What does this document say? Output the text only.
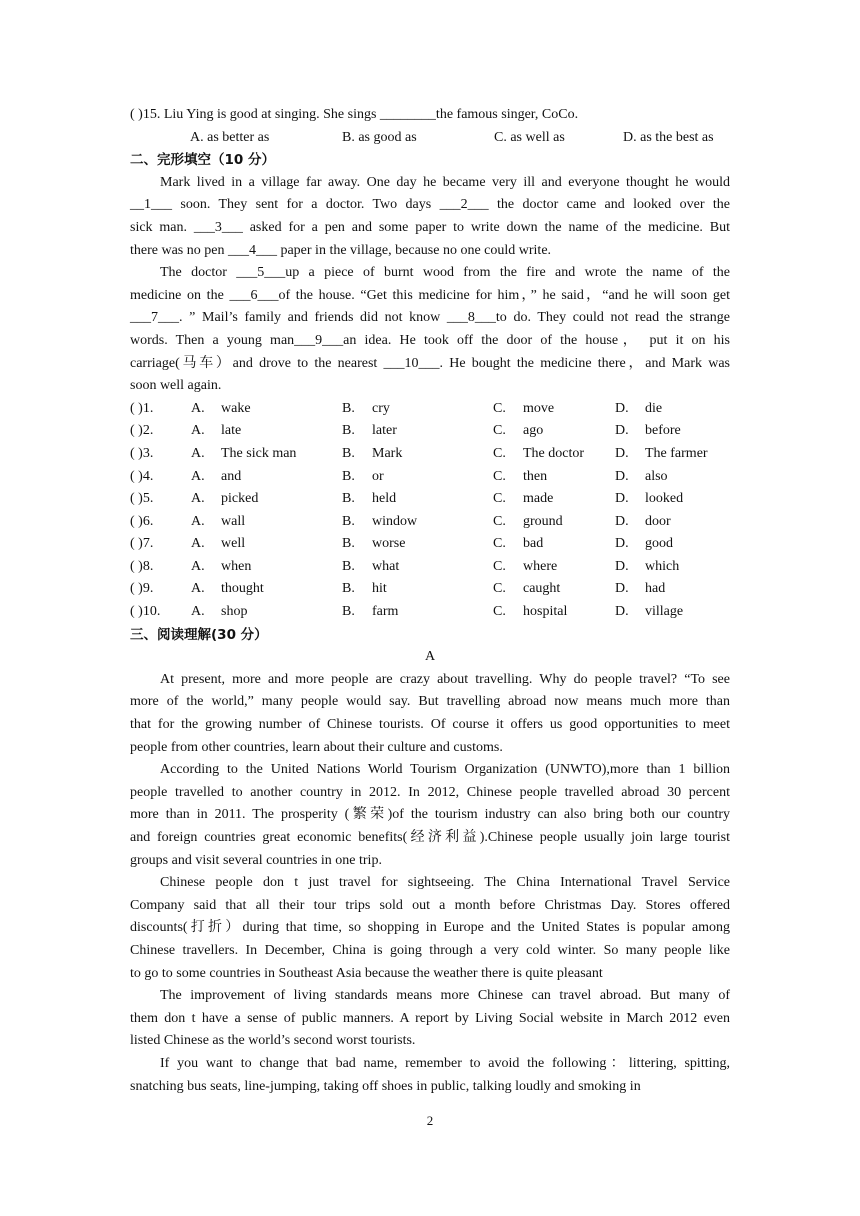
( )15. Liu Ying is good at singing. She sings ________the famous singer, CoCo.
A. as better as	B. as good as	C. as well as	D. as the best as
二、完形填空（10 分）
Mark lived in a village far away. One day he became very ill and everyone thought he would
__1___ soon. They sent for a doctor. Two days ___2___ the doctor came and looked over the
sick man. ___3___ asked for a pen and some paper to write down the name of the medicine. But
there was no pen ___4___ paper in the village, because no one could write.
The doctor ___5___up a piece of burnt wood from the fire and wrote the name of the
medicine on the ___6___of the house. “Get this medicine for him，” he said，“and he will soon get
___7___. ” Mail’s family and friends did not know ___8___to do. They could not read the strange
words. Then a young man___9___an idea. He took off the door of the house， put it on his
carriage(马车）and drove to the nearest ___10___. He bought the medicine there，and Mark was
soon well again.
( )1.	A.	wake	B.	cry	C.	move	D.	die
( )2.	A.	late	B.	later	C.	ago	D.	before
( )3.	A.	The sick man	B.	Mark	C.	The doctor	D.	The farmer
( )4.	A.	and	B.	or	C.	then	D.	also
( )5.	A.	picked	B.	held	C.	made	D.	looked
( )6.	A.	wall	B.	window	C.	ground	D.	door
( )7.	A.	well	B.	worse	C.	bad	D.	good
( )8.	A.	when	B.	what	C.	where	D.	which
( )9.	A.	thought	B.	hit	C.	caught	D.	had
( )10.	A.	shop	B.	farm	C.	hospital	D.	village
三、阅读理解(30 分）
A
At present, more and more people are crazy about travelling. Why do people travel? “To see
more of the world,” many people would say. But travelling abroad now means much more than
that for the growing number of Chinese tourists. Of course it offers us good opportunities to meet
people from other countries, learn about their culture and customs.
According to the United Nations World Tourism Organization (UNWTO),more than 1 billion
people travelled to another country in 2012. In 2012, Chinese people travelled abroad 30 percent
more than in 2011. The prosperity (繁荣)of the tourism industry can also bring both our country
and foreign countries great economic benefits(经济利益).Chinese people usually join large tourist
groups and visit several countries in one trip.
Chinese people don t just travel for sightseeing. The China International Travel Service
Company said that all their tour trips sold out a month before Christmas Day. Stores offered
discounts(打折）during that time, so shopping in Europe and the United States is popular among
Chinese travellers. In December, China is going through a very cold winter. So many people like
to go to some countries in Southeast Asia because the weather there is quite pleasant
The improvement of living standards means more Chinese can travel abroad. But many of
them don t have a sense of public manners. A report by Living Social website in March 2012 even
listed Chinese as the world’s second worst tourists.
If you want to change that bad name, remember to avoid the following：littering, spitting,
snatching bus seats, line-jumping, taking off shoes in public, talking loudly and smoking in
2
